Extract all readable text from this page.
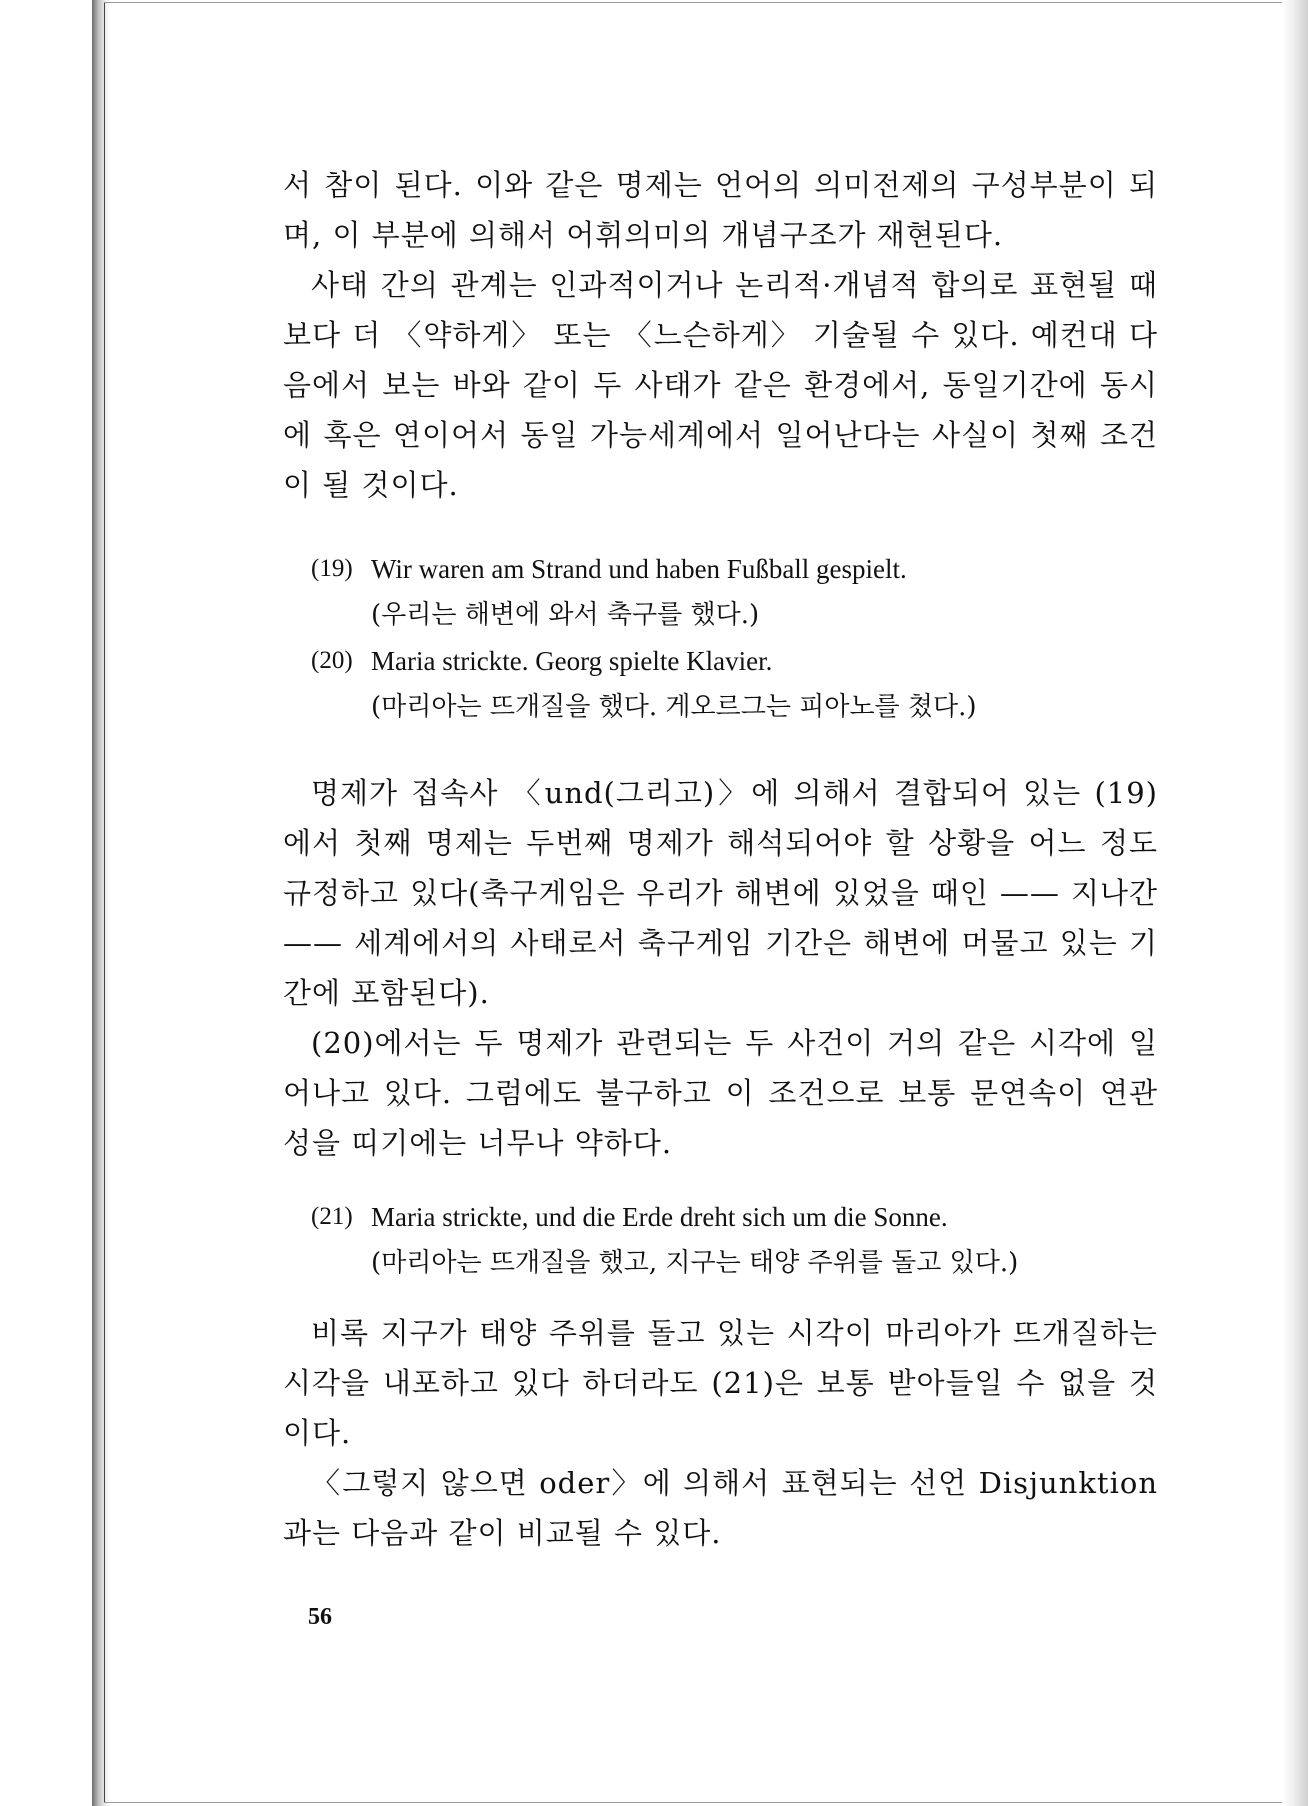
서 참이 된다. 이와 같은 명제는 언어의 의미전제의 구성부분이 되며, 이 부분에 의해서 어휘의미의 개념구조가 재현된다.

사태 간의 관계는 인과적이거나 논리적·개념적 합의로 표현될 때보다 더 〈약하게〉 또는 〈느슨하게〉 기술될 수 있다. 예컨대 다음에서 보는 바와 같이 두 사태가 같은 환경에서, 동일기간에 동시에 혹은 연이어서 동일 가능세계에서 일어난다는 사실이 첫째 조건이 될 것이다.

(19) Wir waren am Strand und haben Fußball gespielt.
(우리는 해변에 와서 축구를 했다.)
(20) Maria strickte. Georg spielte Klavier.
(마리아는 뜨개질을 했다. 게오르그는 피아노를 쳤다.)

명제가 접속사 〈und(그리고)〉에 의해서 결합되어 있는 (19)에서 첫째 명제는 두번째 명제가 해석되어야 할 상황을 어느 정도 규정하고 있다(축구게임은 우리가 해변에 있었을 때인 —— 지나간 —— 세계에서의 사태로서 축구게임 기간은 해변에 머물고 있는 기간에 포함된다).

(20)에서는 두 명제가 관련되는 두 사건이 거의 같은 시각에 일어나고 있다. 그럼에도 불구하고 이 조건으로 보통 문연속이 연관성을 띠기에는 너무나 약하다.

(21) Maria strickte, und die Erde dreht sich um die Sonne.
(마리아는 뜨개질을 했고, 지구는 태양 주위를 돌고 있다.)

비록 지구가 태양 주위를 돌고 있는 시각이 마리아가 뜨개질하는 시각을 내포하고 있다 하더라도 (21)은 보통 받아들일 수 없을 것이다.

〈그렇지 않으면 oder〉에 의해서 표현되는 선언 Disjunktion과는 다음과 같이 비교될 수 있다.

56
